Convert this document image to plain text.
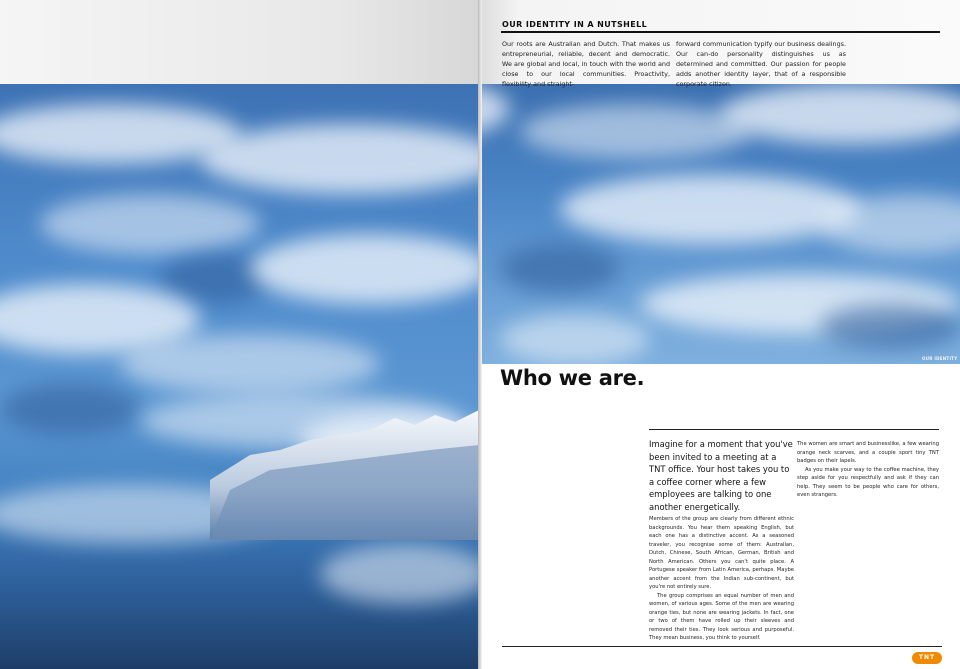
OUR IDENTITY IN A NUTSHELL
Our roots are Australian and Dutch. That makes us entrepreneurial, reliable, decent and democratic. We are global and local, in touch with the world and close to our local communities. Proactivity, flexibility and straight-
forward communication typify our business dealings. Our can-do personality distinguishes us as determined and committed. Our passion for people adds another identity layer, that of a responsible corporate citizen.
OUR IDENTITY
Who we are.
Imagine for a moment that you've been invited to a meeting at a TNT office. Your host takes you to a coffee corner where a few employees are talking to one another energetically.

Members of the group are clearly from different ethnic backgrounds. You hear them speaking English, but each one has a distinctive accent. As a seasoned traveler, you recognise some of them: Australian, Dutch, Chinese, South African, German, British and North American. Others you can't quite place. A Portugese speaker from Latin America, perhaps. Maybe another accent from the Indian sub-continent, but you're not entirely sure.

The group comprises an equal number of men and women, of various ages. Some of the men are wearing orange ties, but none are wearing jackets. In fact, one or two of them have rolled up their sleeves and removed their ties. They look serious and purposeful. They mean business, you think to yourself.

The women are smart and businesslike, a few wearing orange neck scarves, and a couple sport tiny TNT badges on their lapels.

As you make your way to the coffee machine, they step aside for you respectfully and ask if they can help. They seem to be people who care for others, even strangers.

TNT
